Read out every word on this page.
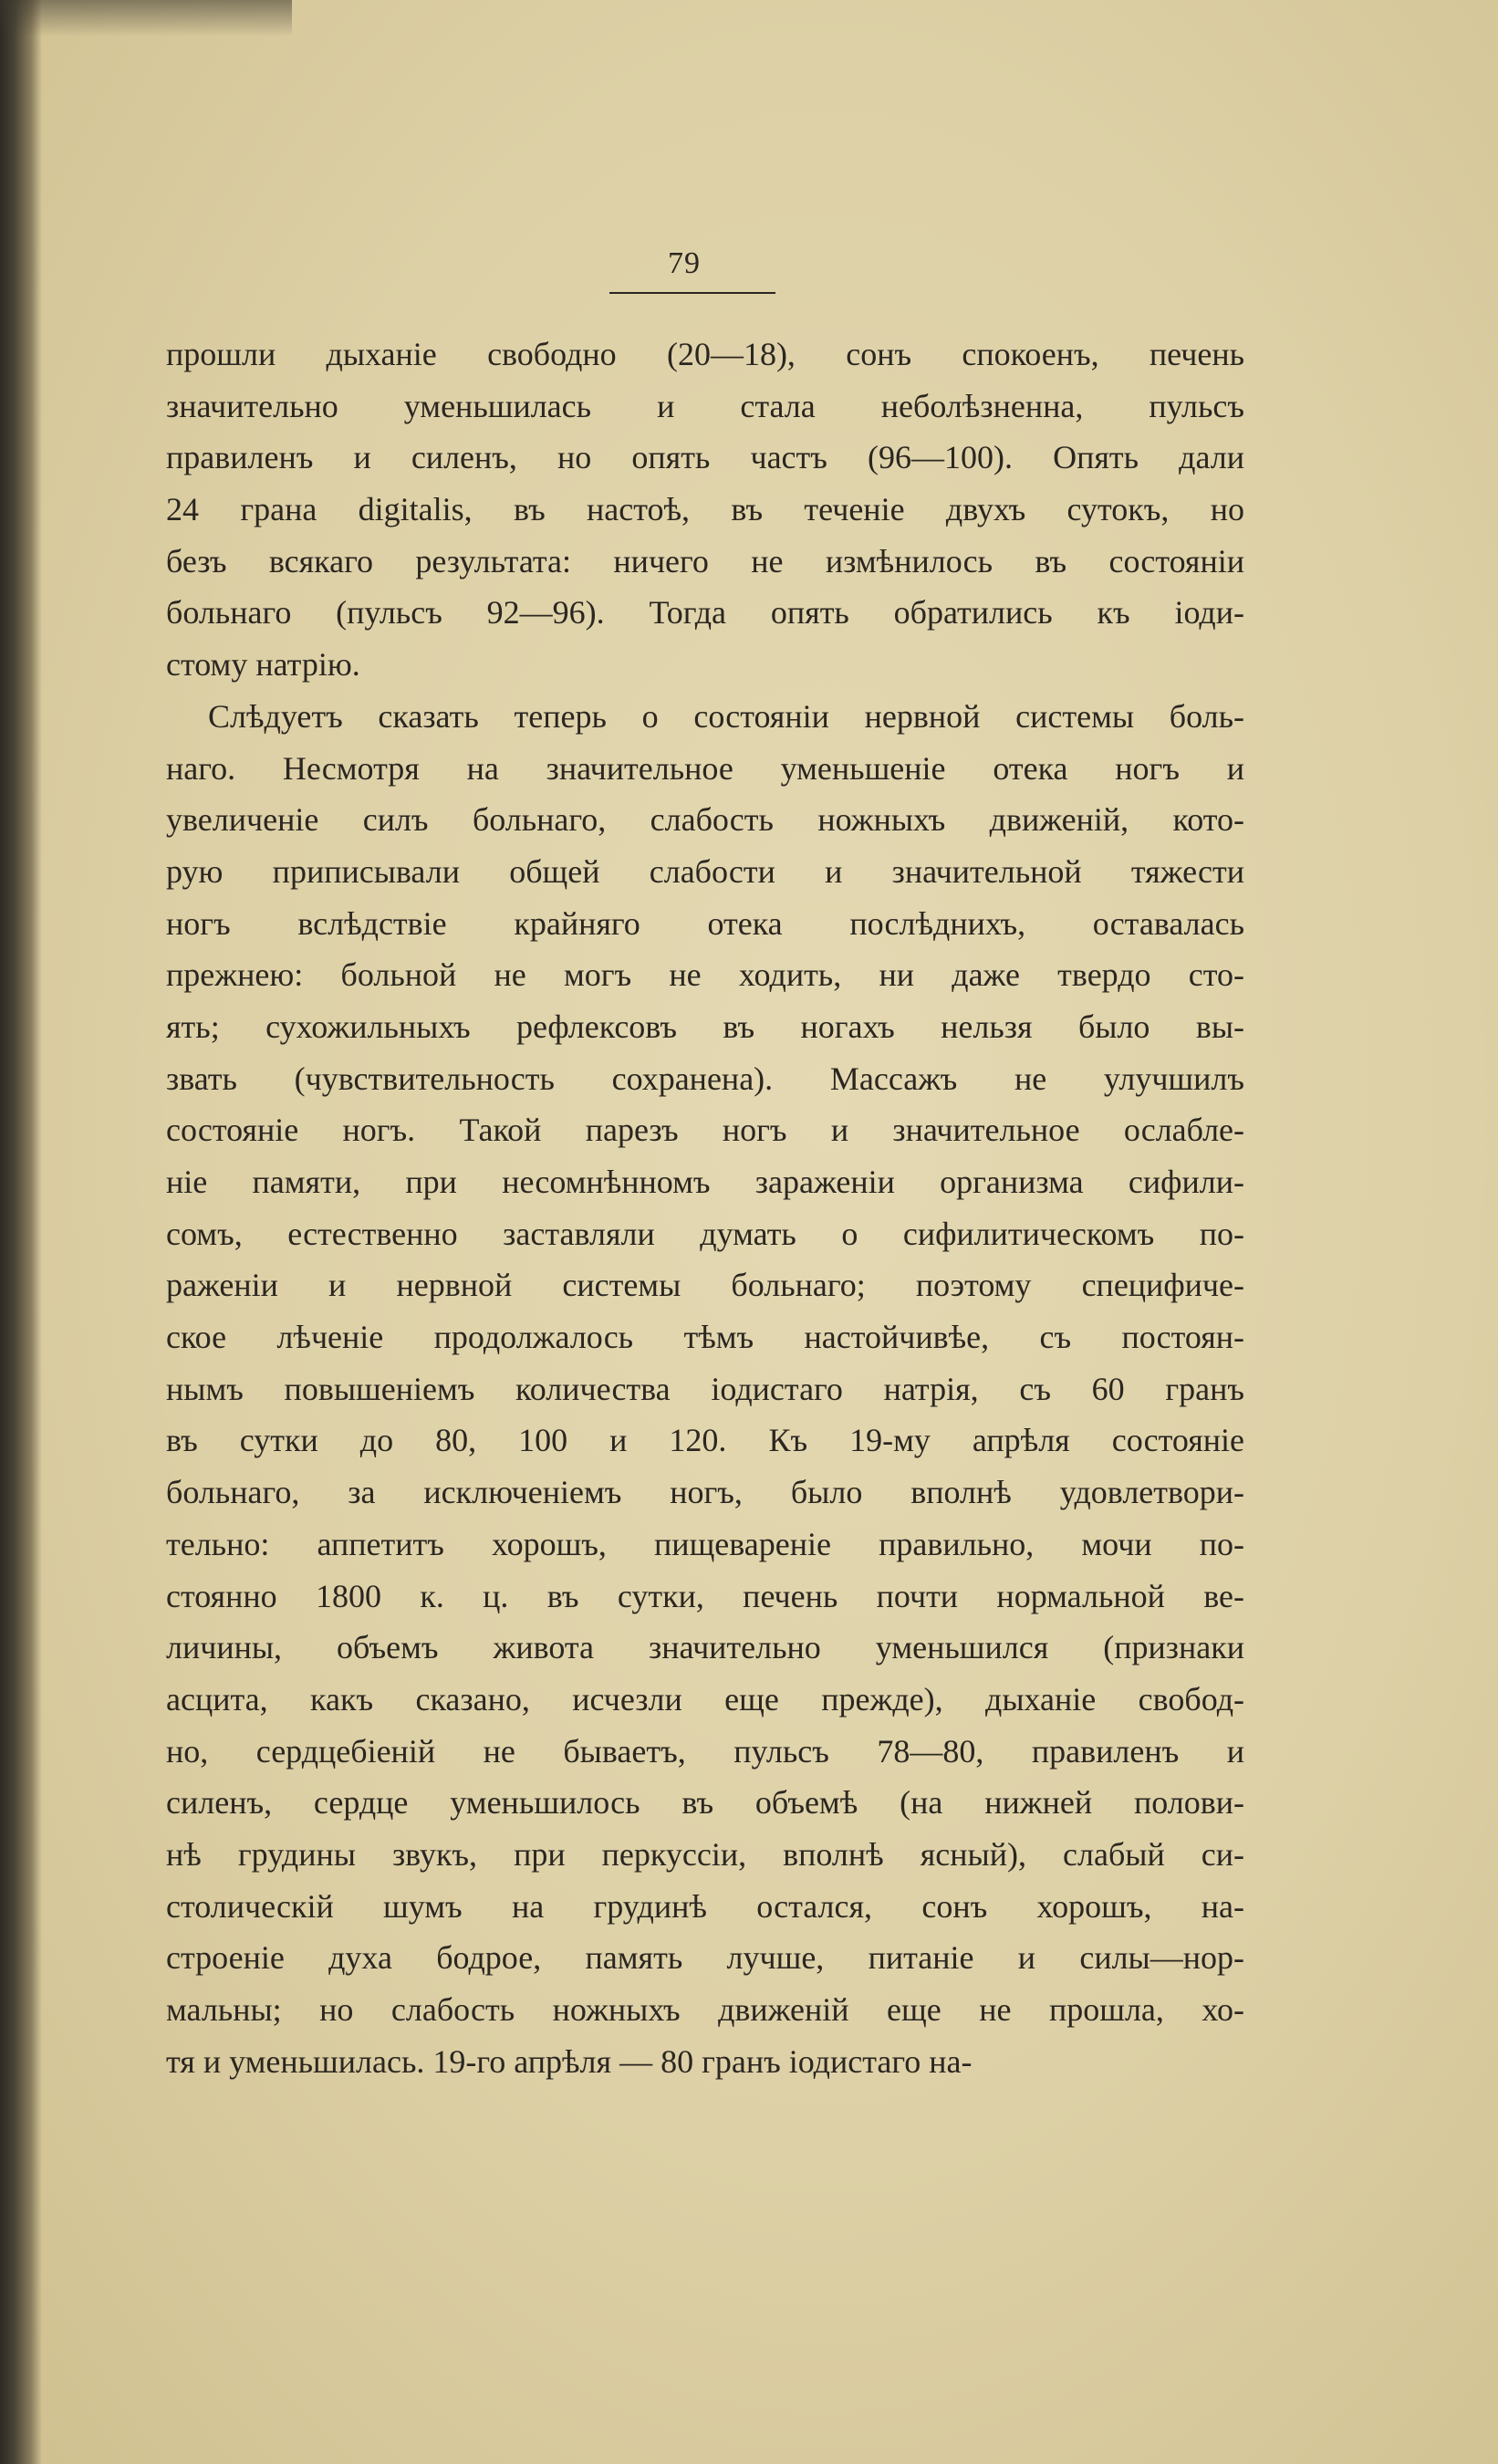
79
прошли дыханіе свободно (20—18), сонъ спокоенъ, печень
значительно уменьшилась и стала неболѣзненна, пульсъ
правиленъ и силенъ, но опять частъ (96—100). Опять дали
24 грана digitalis, въ настоѣ, въ теченіе двухъ сутокъ, но
безъ всякаго результата: ничего не измѣнилось въ состояніи
больнаго (пульсъ 92—96). Тогда опять обратились къ іоди-
стому натрію.
Слѣдуетъ сказать теперь о состояніи нервной системы боль-
наго. Несмотря на значительное уменьшеніе отека ногъ и
увеличеніе силъ больнаго, слабость ножныхъ движеній, кото-
рую приписывали общей слабости и значительной тяжести
ногъ вслѣдствіе крайняго отека послѣднихъ, оставалась
прежнею: больной не могъ не ходить, ни даже твердо сто-
ять; сухожильныхъ рефлексовъ въ ногахъ нельзя было вы-
звать (чувствительность сохранена). Массажъ не улучшилъ
состояніе ногъ. Такой парезъ ногъ и значительное ослабле-
ніе памяти, при несомнѣнномъ зараженіи организма сифили-
сомъ, естественно заставляли думать о сифилитическомъ по-
раженіи и нервной системы больнаго; поэтому специфиче-
ское лѣченіе продолжалось тѣмъ настойчивѣе, съ постоян-
нымъ повышеніемъ количества іодистаго натрія, съ 60 гранъ
въ сутки до 80, 100 и 120. Къ 19-му апрѣля состояніе
больнаго, за исключеніемъ ногъ, было вполнѣ удовлетвори-
тельно: аппетитъ хорошъ, пищевареніе правильно, мочи по-
стоянно 1800 к. ц. въ сутки, печень почти нормальной ве-
личины, объемъ живота значительно уменьшился (признаки
асцита, какъ сказано, исчезли еще прежде), дыханіе свобод-
но, сердцебіеній не бываетъ, пульсъ 78—80, правиленъ и
силенъ, сердце уменьшилось въ объемѣ (на нижней полови-
нѣ грудины звукъ, при перкуссіи, вполнѣ ясный), слабый си-
столическій шумъ на грудинѣ остался, сонъ хорошъ, на-
строеніе духа бодрое, память лучше, питаніе и силы—нор-
мальны; но слабость ножныхъ движеній еще не прошла, хо-
тя и уменьшилась. 19-го апрѣля — 80 гранъ іодистаго на-
